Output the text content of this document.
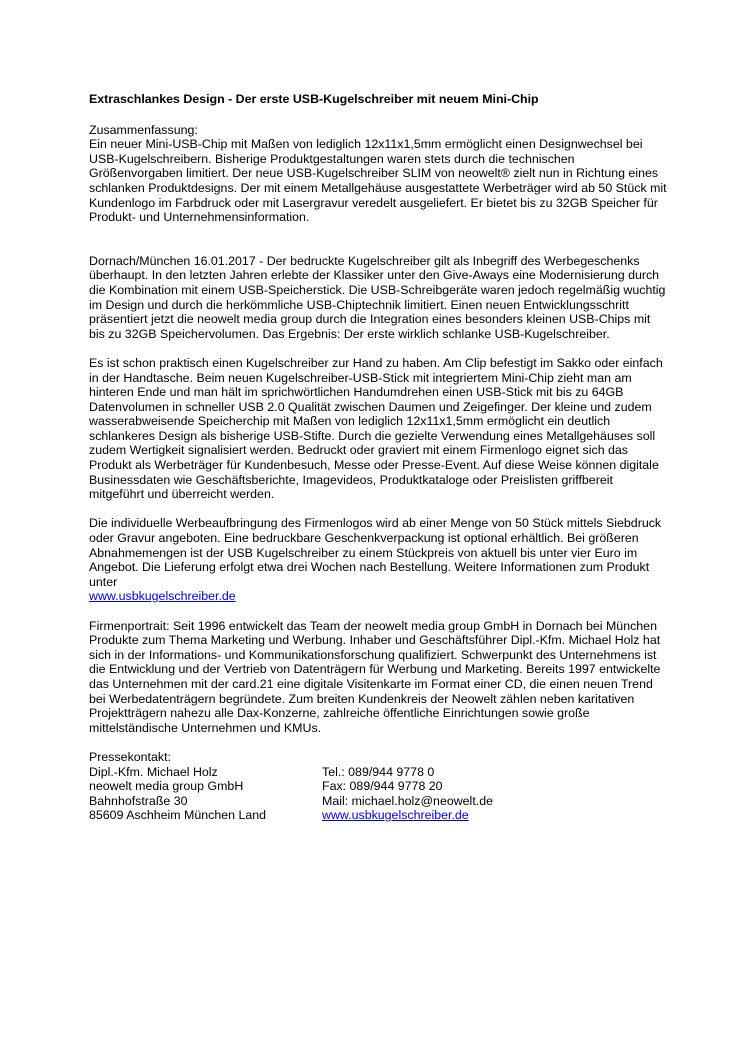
Extraschlankes Design - Der erste USB-Kugelschreiber mit neuem Mini-Chip

Zusammenfassung:
Ein neuer Mini-USB-Chip mit Maßen von lediglich 12x11x1,5mm ermöglicht einen Designwechsel bei USB-Kugelschreibern. Bisherige Produktgestaltungen waren stets durch die technischen Größenvorgaben limitiert. Der neue USB-Kugelschreiber SLIM von neowelt® zielt nun in Richtung eines schlanken Produktdesigns. Der mit einem Metallgehäuse ausgestattete Werbeträger wird ab 50 Stück mit Kundenlogo im Farbdruck oder mit Lasergravur veredelt ausgeliefert. Er bietet bis zu 32GB Speicher für Produkt- und Unternehmensinformation.

Dornach/München 16.01.2017 - Der bedruckte Kugelschreiber gilt als Inbegriff des Werbegeschenks überhaupt. In den letzten Jahren erlebte der Klassiker unter den Give-Aways eine Modernisierung durch die Kombination mit einem USB-Speicherstick. Die USB-Schreibgeräte waren jedoch regelmäßig wuchtig im Design und durch die herkömmliche USB-Chiptechnik limitiert. Einen neuen Entwicklungsschritt präsentiert jetzt die neowelt media group durch die Integration eines besonders kleinen USB-Chips mit bis zu 32GB Speichervolumen. Das Ergebnis: Der erste wirklich schlanke USB-Kugelschreiber.

Es ist schon praktisch einen Kugelschreiber zur Hand zu haben. Am Clip befestigt im Sakko oder einfach in der Handtasche. Beim neuen Kugelschreiber-USB-Stick mit integriertem Mini-Chip zieht man am hinteren Ende und man hält im sprichwörtlichen Handumdrehen einen USB-Stick mit bis zu 64GB Datenvolumen in schneller USB 2.0 Qualität zwischen Daumen und Zeigefinger. Der kleine und zudem wasserabweisende Speicherchip mit Maßen von lediglich 12x11x1,5mm ermöglicht ein deutlich schlankeres Design als bisherige USB-Stifte. Durch die gezielte Verwendung eines Metallgehäuses soll zudem Wertigkeit signalisiert werden. Bedruckt oder graviert mit einem Firmenlogo eignet sich das Produkt als Werbeträger für Kundenbesuch, Messe oder Presse-Event. Auf diese Weise können digitale Businessdaten wie Geschäftsberichte, Imagevideos, Produktkataloge oder Preislisten griffbereit mitgeführt und überreicht werden.

Die individuelle Werbeaufbringung des Firmenlogos wird ab einer Menge von 50 Stück mittels Siebdruck oder Gravur angeboten. Eine bedruckbare Geschenkverpackung ist optional erhältlich. Bei größeren Abnahmemengen ist der USB Kugelschreiber zu einem Stückpreis von aktuell bis unter vier Euro im Angebot. Die Lieferung erfolgt etwa drei Wochen nach Bestellung. Weitere Informationen zum Produkt unter
www.usbkugelschreiber.de

Firmenportrait: Seit 1996 entwickelt das Team der neowelt media group GmbH in Dornach bei München Produkte zum Thema Marketing und Werbung. Inhaber und Geschäftsführer Dipl.-Kfm. Michael Holz hat sich in der Informations- und Kommunikationsforschung qualifiziert. Schwerpunkt des Unternehmens ist die Entwicklung und der Vertrieb von Datenträgern für Werbung und Marketing. Bereits 1997 entwickelte das Unternehmen mit der card.21 eine digitale Visitenkarte im Format einer CD, die einen neuen Trend bei Werbedatenträgern begründete. Zum breiten Kundenkreis der Neowelt zählen neben karitativen Projektträgern nahezu alle Dax-Konzerne, zahlreiche öffentliche Einrichtungen sowie große mittelständische Unternehmen und KMUs.

Pressekontakt:
Dipl.-Kfm. Michael Holz	Tel.: 089/944 9778 0
neowelt media group GmbH	Fax: 089/944 9778 20
Bahnhofstraße 30	Mail: michael.holz@neowelt.de
85609 Aschheim München Land	www.usbkugelschreiber.de
